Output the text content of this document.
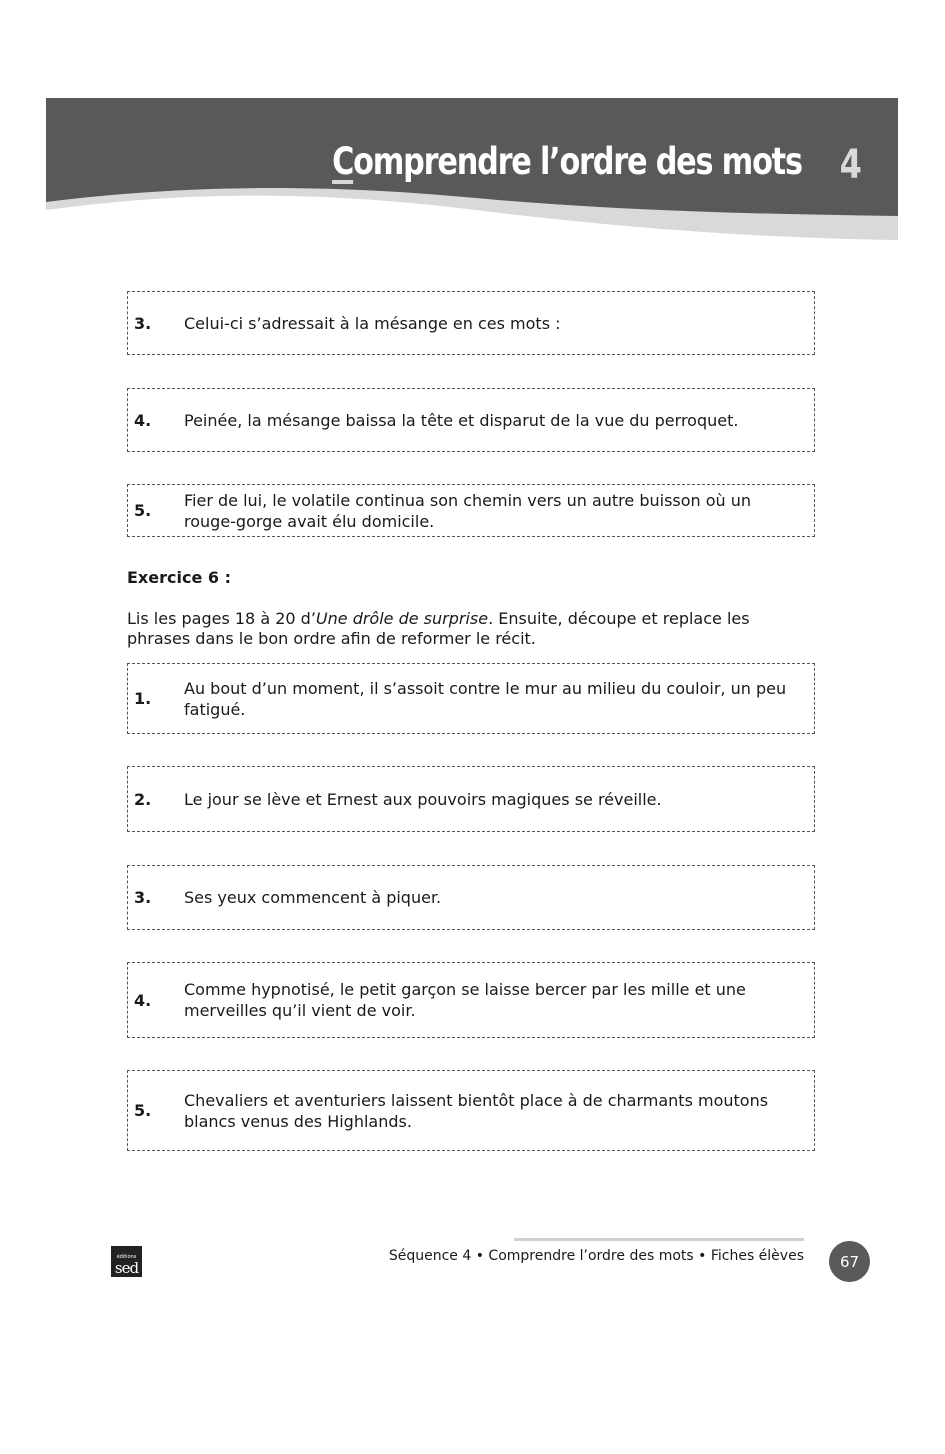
Comprendre l’ordre des mots 4
3. Celui-ci s’adressait à la mésange en ces mots :
4. Peinée, la mésange baissa la tête et disparut de la vue du perroquet.
5.
Fier de lui, le volatile continua son chemin vers un autre buisson où un rouge-gorge avait élu domicile.
Exercice 6 :
Lis les pages 18 à 20 d’Une drôle de surprise. Ensuite, découpe et replace les phrases dans le bon ordre afin de reformer le récit.
1.
Au bout d’un moment, il s’assoit contre le mur au milieu du couloir, un peu fatigué.
2. Le jour se lève et Ernest aux pouvoirs magiques se réveille.
3. Ses yeux commencent à piquer.
4.
Comme hypnotisé, le petit garçon se laisse bercer par les mille et une merveilles qu’il vient de voir.
5.
Chevaliers et aventuriers laissent bientôt place à de charmants moutons blancs venus des Highlands.
éditions
sed
Séquence 4 • Comprendre l’ordre des mots • Fiches élèves	67
